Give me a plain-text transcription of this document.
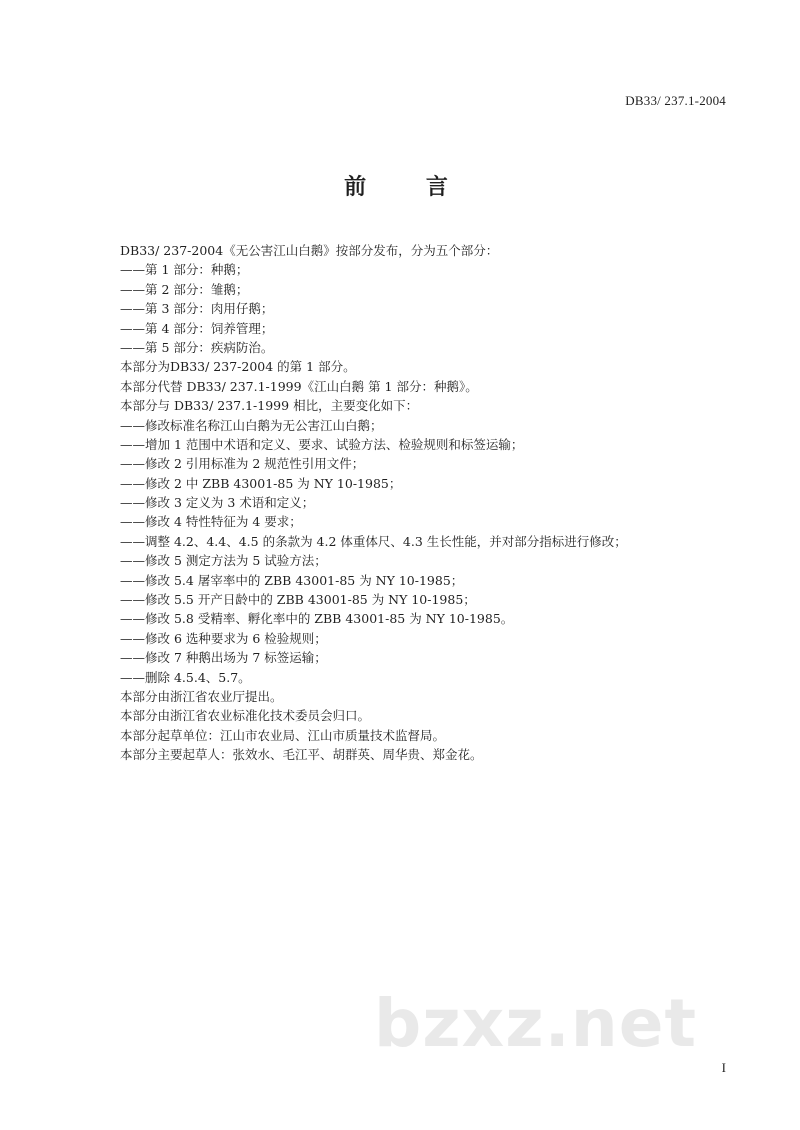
DB33/ 237.1-2004
前 言
DB33/ 237-2004《无公害江山白鹅》按部分发布，分为五个部分：
——第 1 部分：种鹅；
——第 2 部分：雏鹅；
——第 3 部分：肉用仔鹅；
——第 4 部分：饲养管理；
——第 5 部分：疾病防治。
本部分为DB33/ 237-2004 的第 1 部分。
本部分代替 DB33/ 237.1-1999《江山白鹅 第 1 部分：种鹅》。
本部分与 DB33/ 237.1-1999 相比，主要变化如下：
——修改标准名称江山白鹅为无公害江山白鹅；
——增加 1 范围中术语和定义、要求、试验方法、检验规则和标签运输；
——修改 2 引用标准为 2 规范性引用文件；
——修改 2 中 ZBB 43001-85 为 NY 10-1985；
——修改 3 定义为 3 术语和定义；
——修改 4 特性特征为 4 要求；
——调整 4.2、4.4、4.5 的条款为 4.2 体重体尺、4.3 生长性能，并对部分指标进行修改；
——修改 5 测定方法为 5 试验方法；
——修改 5.4 屠宰率中的 ZBB 43001-85 为 NY 10-1985；
——修改 5.5 开产日龄中的 ZBB 43001-85 为 NY 10-1985；
——修改 5.8 受精率、孵化率中的 ZBB 43001-85 为 NY 10-1985。
——修改 6 选种要求为 6 检验规则；
——修改 7 种鹅出场为 7 标签运输；
——删除 4.5.4、5.7。
本部分由浙江省农业厅提出。
本部分由浙江省农业标准化技术委员会归口。
本部分起草单位：江山市农业局、江山市质量技术监督局。
本部分主要起草人：张效水、毛江平、胡群英、周华贵、郑金花。
bzxz.net
I
